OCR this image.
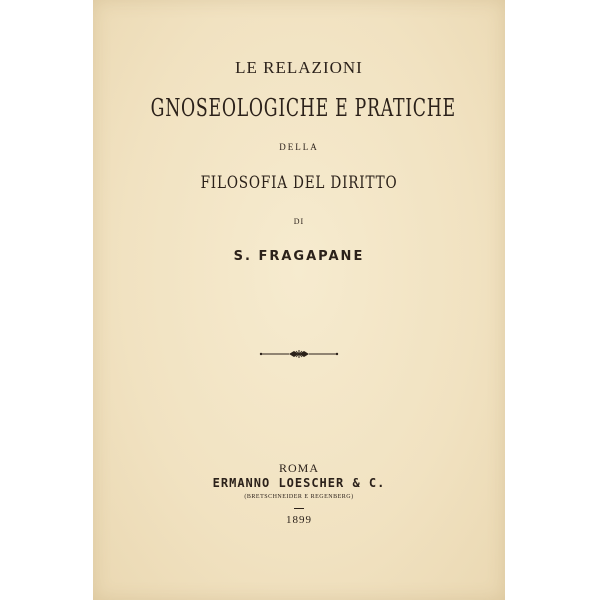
LE RELAZIONI
GNOSEOLOGICHE E PRATICHE
DELLA
FILOSOFIA DEL DIRITTO
DI
S. FRAGAPANE
ROMA
ERMANNO LOESCHER & C.
(BRETSCHNEIDER E REGENBERG)
1899
